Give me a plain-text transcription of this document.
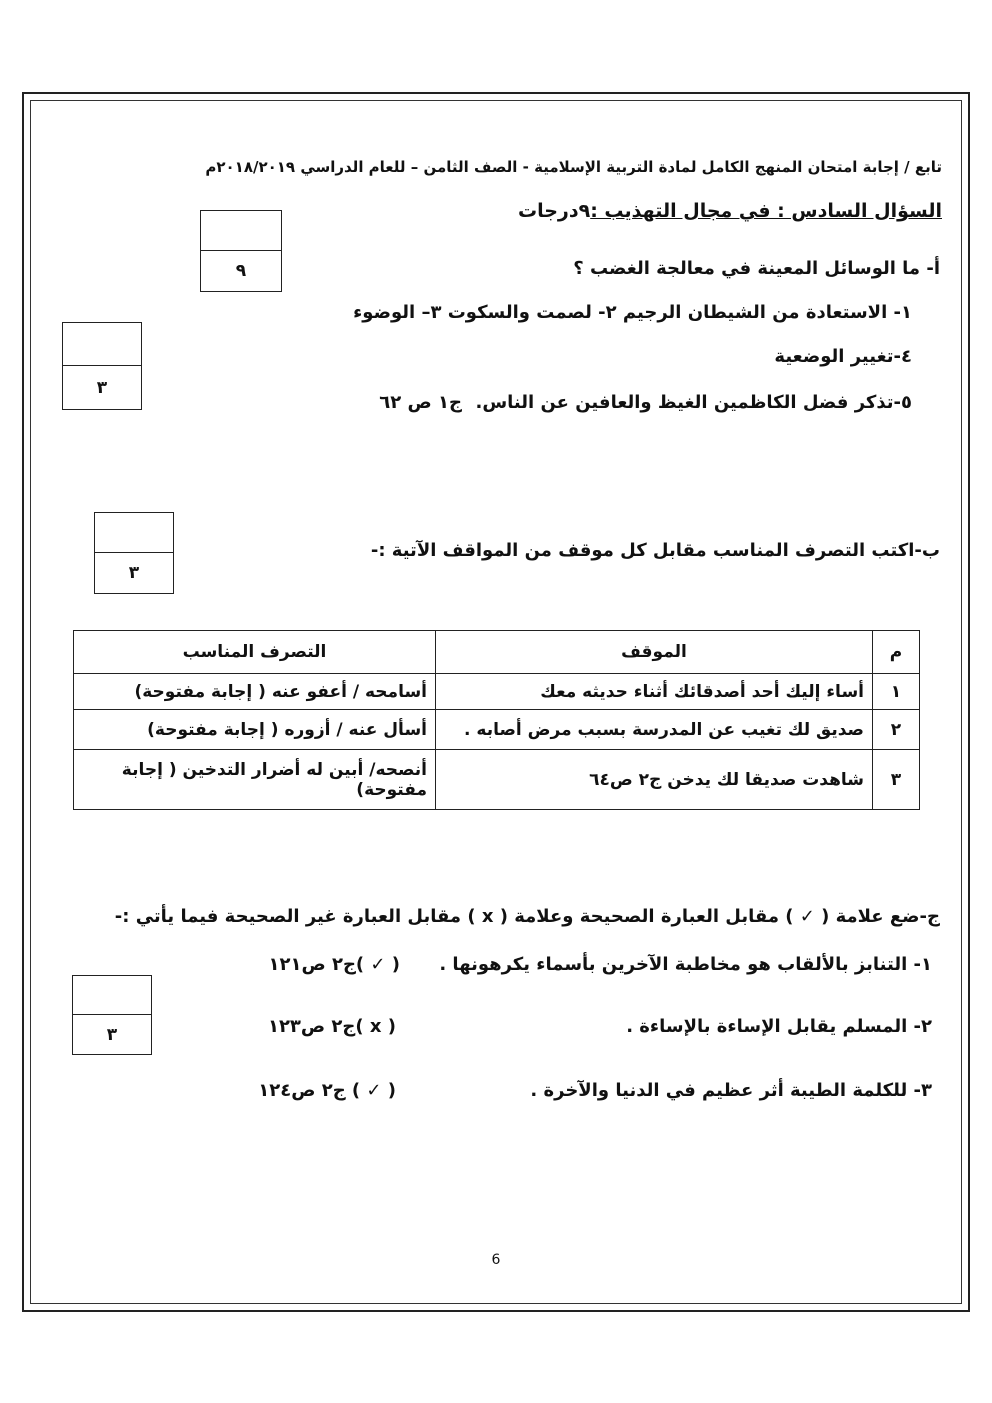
تابع / إجابة امتحان المنهج الكامل لمادة التربية الإسلامية - الصف الثامن – للعام الدراسي ٢٠١٨/٢٠١٩م
السؤال السادس : في مجال التهذيب :٩درجات
٩	أ- ما الوسائل المعينة في معالجة الغضب ؟
٣
١- الاستعادة من الشيطان الرجيم ٢- لصمت والسكوت ٣– الوضوء
٤-تغيير الوضعية
٥-تذكر فضل الكاظمين الغيظ والعافين عن الناس.
ج١ ص ٦٢
٣
ب-اكتب التصرف المناسب مقابل كل موقف من المواقف الآتية :-
م	الموقف	التصرف المناسب
١	أساء إليك أحد أصدقائك أثناء حديثه معك	أسامحه / أعفو عنه ( إجابة مفتوحة)
٢	صديق لك تغيب عن المدرسة بسبب مرض أصابه .	أسأل عنه / أزوره ( إجابة مفتوحة)
٣	شاهدت صديقا لك يدخن ج٢ ص٦٤	أنصحه/ أبين له أضرار التدخين ( إجابة مفتوحة)
ج-ضع علامة ( ✓ ) مقابل العبارة الصحيحة وعلامة ( x ) مقابل العبارة غير الصحيحة فيما يأتي :-
٣
١- التنابز بالألقاب هو مخاطبة الآخرين بأسماء يكرهونها .
( ✓ )ج٢ ص١٢١
٢- المسلم يقابل الإساءة بالإساءة .
( x )ج٢ ص١٢٣
٣- للكلمة الطيبة أثر عظيم في الدنيا والآخرة .
( ✓ ) ج٢ ص١٢٤
6
